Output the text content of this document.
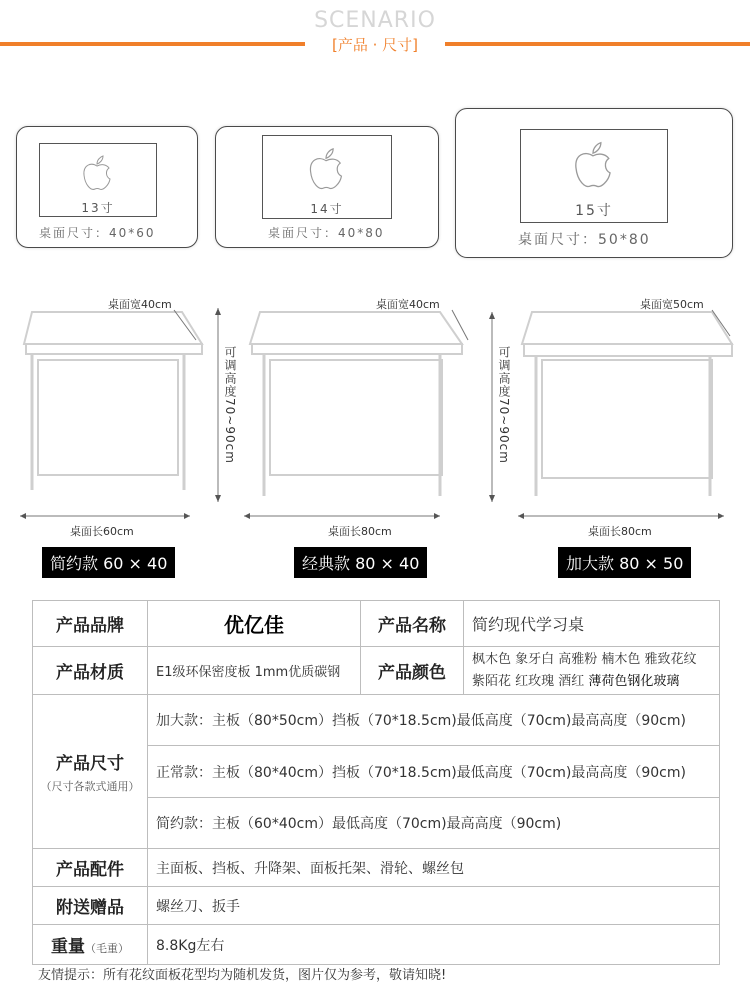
SCENARIO
[产品 · 尺寸]
13寸
桌面尺寸：40*60
14寸
桌面尺寸：40*80
15寸
桌面尺寸：50*80
桌面宽40cm
桌面长60cm
可调高度70~90cm
简约款 60 × 40
桌面宽40cm
桌面长80cm
可调高度70~90cm
经典款 80 × 40
桌面宽50cm
桌面长80cm
加大款 80 × 50
产品品牌	优亿佳	产品名称	简约现代学习桌
产品材质	E1级环保密度板 1mm优质碳钢	产品颜色	枫木色 象牙白 高雅粉 楠木色 雅致花纹
紫陌花 红玫瑰 酒红 薄荷色钢化玻璃

产品尺寸
（尺寸各款式通用）	加大款：主板（80*50cm）挡板（70*18.5cm)最低高度（70cm)最高高度（90cm)		
	正常款：主板（80*40cm）挡板（70*18.5cm)最低高度（70cm)最高高度（90cm)		
	简约款：主板（60*40cm）最低高度（70cm)最高高度（90cm)		
产品配件	主面板、挡板、升降架、面板托架、滑轮、螺丝包		
附送赠品	螺丝刀、扳手		
重量（毛重）	8.8Kg左右		
友情提示：所有花纹面板花型均为随机发货，图片仅为参考，敬请知晓!
